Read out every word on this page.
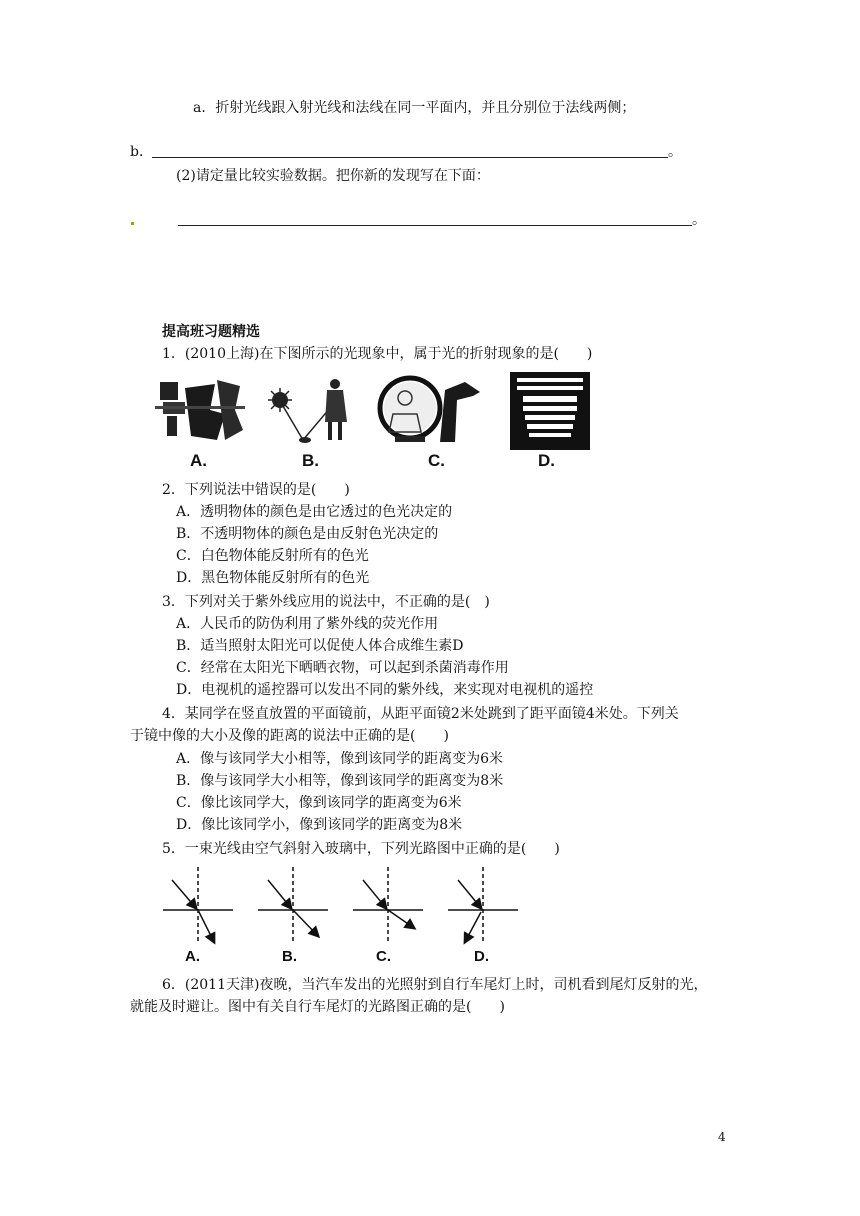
a．折射光线跟入射光线和法线在同一平面内，并且分别位于法线两侧；
b．	。
(2)请定量比较实验数据。把你新的发现写在下面：
。
提高班习题精选
1．(2010上海)在下图所示的光现象中，属于光的折射现象的是(　　)
A.	B.	C.	D.
2．下列说法中错误的是(　　)
A．透明物体的颜色是由它透过的色光决定的
B．不透明物体的颜色是由反射色光决定的
C．白色物体能反射所有的色光
D．黑色物体能反射所有的色光
3．下列对关于紫外线应用的说法中，不正确的是(　)
A．人民币的防伪利用了紫外线的荧光作用
B．适当照射太阳光可以促使人体合成维生素D
C．经常在太阳光下晒晒衣物，可以起到杀菌消毒作用
D．电视机的遥控器可以发出不同的紫外线，来实现对电视机的遥控
4．某同学在竖直放置的平面镜前，从距平面镜2米处跳到了距平面镜4米处。下列关
于镜中像的大小及像的距离的说法中正确的是(　　)
A．像与该同学大小相等，像到该同学的距离变为6米
B．像与该同学大小相等，像到该同学的距离变为8米
C．像比该同学大，像到该同学的距离变为6米
D．像比该同学小，像到该同学的距离变为8米
5．一束光线由空气斜射入玻璃中，下列光路图中正确的是(　　)
A.	B.	C.	D.
6．(2011天津)夜晚，当汽车发出的光照射到自行车尾灯上时，司机看到尾灯反射的光，
就能及时避让。图中有关自行车尾灯的光路图正确的是(　　)
4
